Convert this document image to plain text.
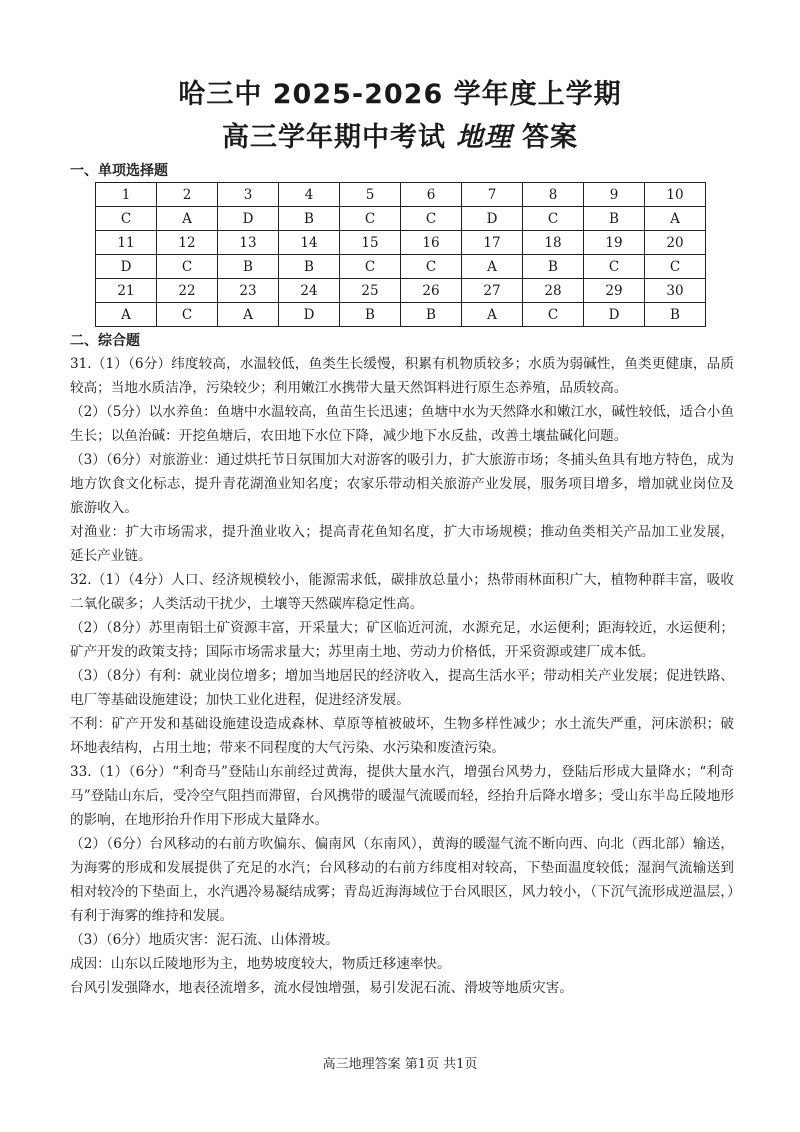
哈三中 2025-2026 学年度上学期
高三学年期中考试 地理 答案
一、单项选择题
1	2	3	4	5	6	7	8	9	10
C	A	D	B	C	C	D	C	B	A
11	12	13	14	15	16	17	18	19	20
D	C	B	B	C	C	A	B	C	C
21	22	23	24	25	26	27	28	29	30
A	C	A	D	B	B	A	C	D	B
二、综合题

31.（1）（6分）纬度较高，水温较低，鱼类生长缓慢，积累有机物质较多；水质为弱碱性，鱼类更健康，品质较高；当地水质洁净，污染较少；利用嫩江水携带大量天然饵料进行原生态养殖，品质较高。

（2）（5分）以水养鱼：鱼塘中水温较高，鱼苗生长迅速；鱼塘中水为天然降水和嫩江水，碱性较低，适合小鱼生长；以鱼治碱：开挖鱼塘后，农田地下水位下降，减少地下水反盐，改善土壤盐碱化问题。

（3）（6分）对旅游业：通过烘托节日氛围加大对游客的吸引力，扩大旅游市场；冬捕头鱼具有地方特色，成为地方饮食文化标志，提升青花湖渔业知名度；农家乐带动相关旅游产业发展，服务项目增多，增加就业岗位及旅游收入。

对渔业：扩大市场需求，提升渔业收入；提高青花鱼知名度，扩大市场规模；推动鱼类相关产品加工业发展，延长产业链。

32.（1）（4分）人口、经济规模较小，能源需求低，碳排放总量小；热带雨林面积广大，植物种群丰富，吸收二氧化碳多；人类活动干扰少，土壤等天然碳库稳定性高。

（2）（8分）苏里南铝土矿资源丰富，开采量大；矿区临近河流，水源充足，水运便利；距海较近，水运便利；矿产开发的政策支持；国际市场需求量大；苏里南土地、劳动力价格低，开采资源或建厂成本低。

（3）（8分）有利：就业岗位增多；增加当地居民的经济收入，提高生活水平；带动相关产业发展；促进铁路、电厂等基础设施建设；加快工业化进程，促进经济发展。

不利：矿产开发和基础设施建设造成森林、草原等植被破坏，生物多样性减少；水土流失严重，河床淤积；破坏地表结构，占用土地；带来不同程度的大气污染、水污染和废渣污染。

33.（1）（6分）“利奇马”登陆山东前经过黄海，提供大量水汽，增强台风势力，登陆后形成大量降水；“利奇马”登陆山东后，受冷空气阻挡而滞留，台风携带的暖湿气流暖而轻，经抬升后降水增多；受山东半岛丘陵地形的影响，在地形抬升作用下形成大量降水。

（2）（6分）台风移动的右前方吹偏东、偏南风（东南风），黄海的暖湿气流不断向西、向北（西北部）输送，为海雾的形成和发展提供了充足的水汽；台风移动的右前方纬度相对较高，下垫面温度较低；湿润气流输送到相对较冷的下垫面上，水汽遇冷易凝结成雾；青岛近海海域位于台风眼区，风力较小，（下沉气流形成逆温层，）有利于海雾的维持和发展。

（3）（6分）地质灾害：泥石流、山体滑坡。

成因：山东以丘陵地形为主，地势坡度较大，物质迁移速率快。

台风引发强降水，地表径流增多，流水侵蚀增强，易引发泥石流、滑坡等地质灾害。

高三地理答案 第1页 共1页
